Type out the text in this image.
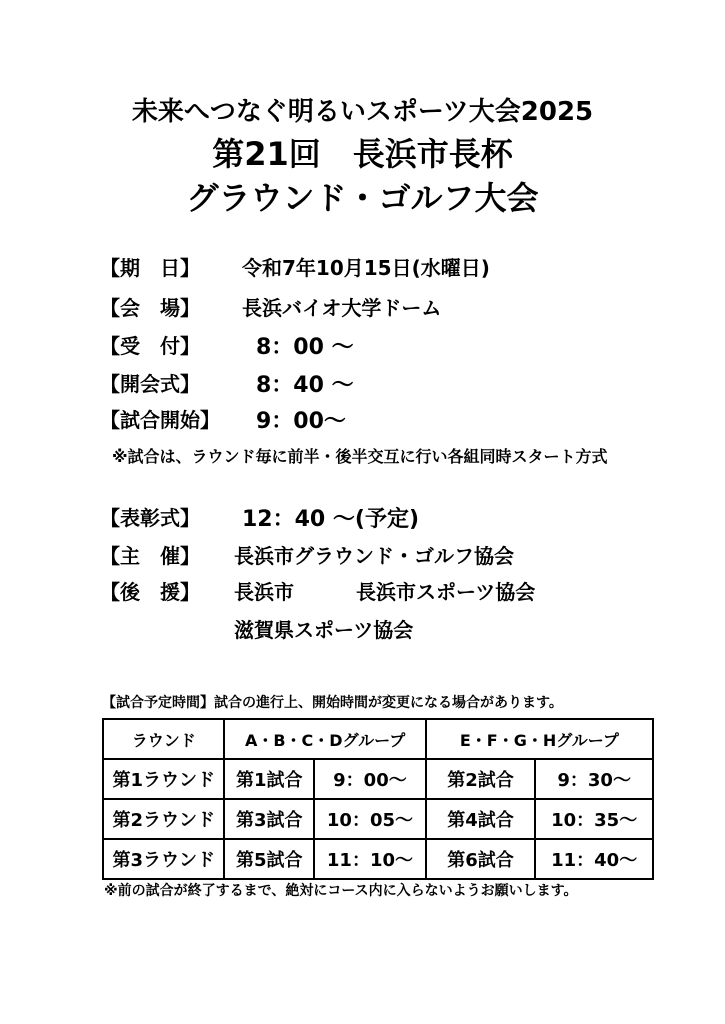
未来へつなぐ明るいスポーツ大会2025
第21回　長浜市長杯
グラウンド・ゴルフ大会
【期　日】	令和7年10月15日(水曜日)
【会　場】	長浜バイオ大学ドーム
【受　付】	8：00 〜
【開会式】	8：40 〜
【試合開始】 9：00〜
※試合は、ラウンド毎に前半・後半交互に行い各組同時スタート方式
【表彰式】	12：40 〜(予定)
【主　催】	長浜市グラウンド・ゴルフ協会
【後　援】	長浜市	長浜市スポーツ協会
滋賀県スポーツ協会
【試合予定時間】試合の進行上、開始時間が変更になる場合があります。
ラウンド	A・B・C・Dグループ		E・F・G・Hグループ	
第1ラウンド	第1試合	9：00〜	第2試合	9：30〜
第2ラウンド	第3試合	10：05〜	第4試合	10：35〜
第3ラウンド	第5試合	11：10〜	第6試合	11：40〜
※前の試合が終了するまで、絶対にコース内に入らないようお願いします。
